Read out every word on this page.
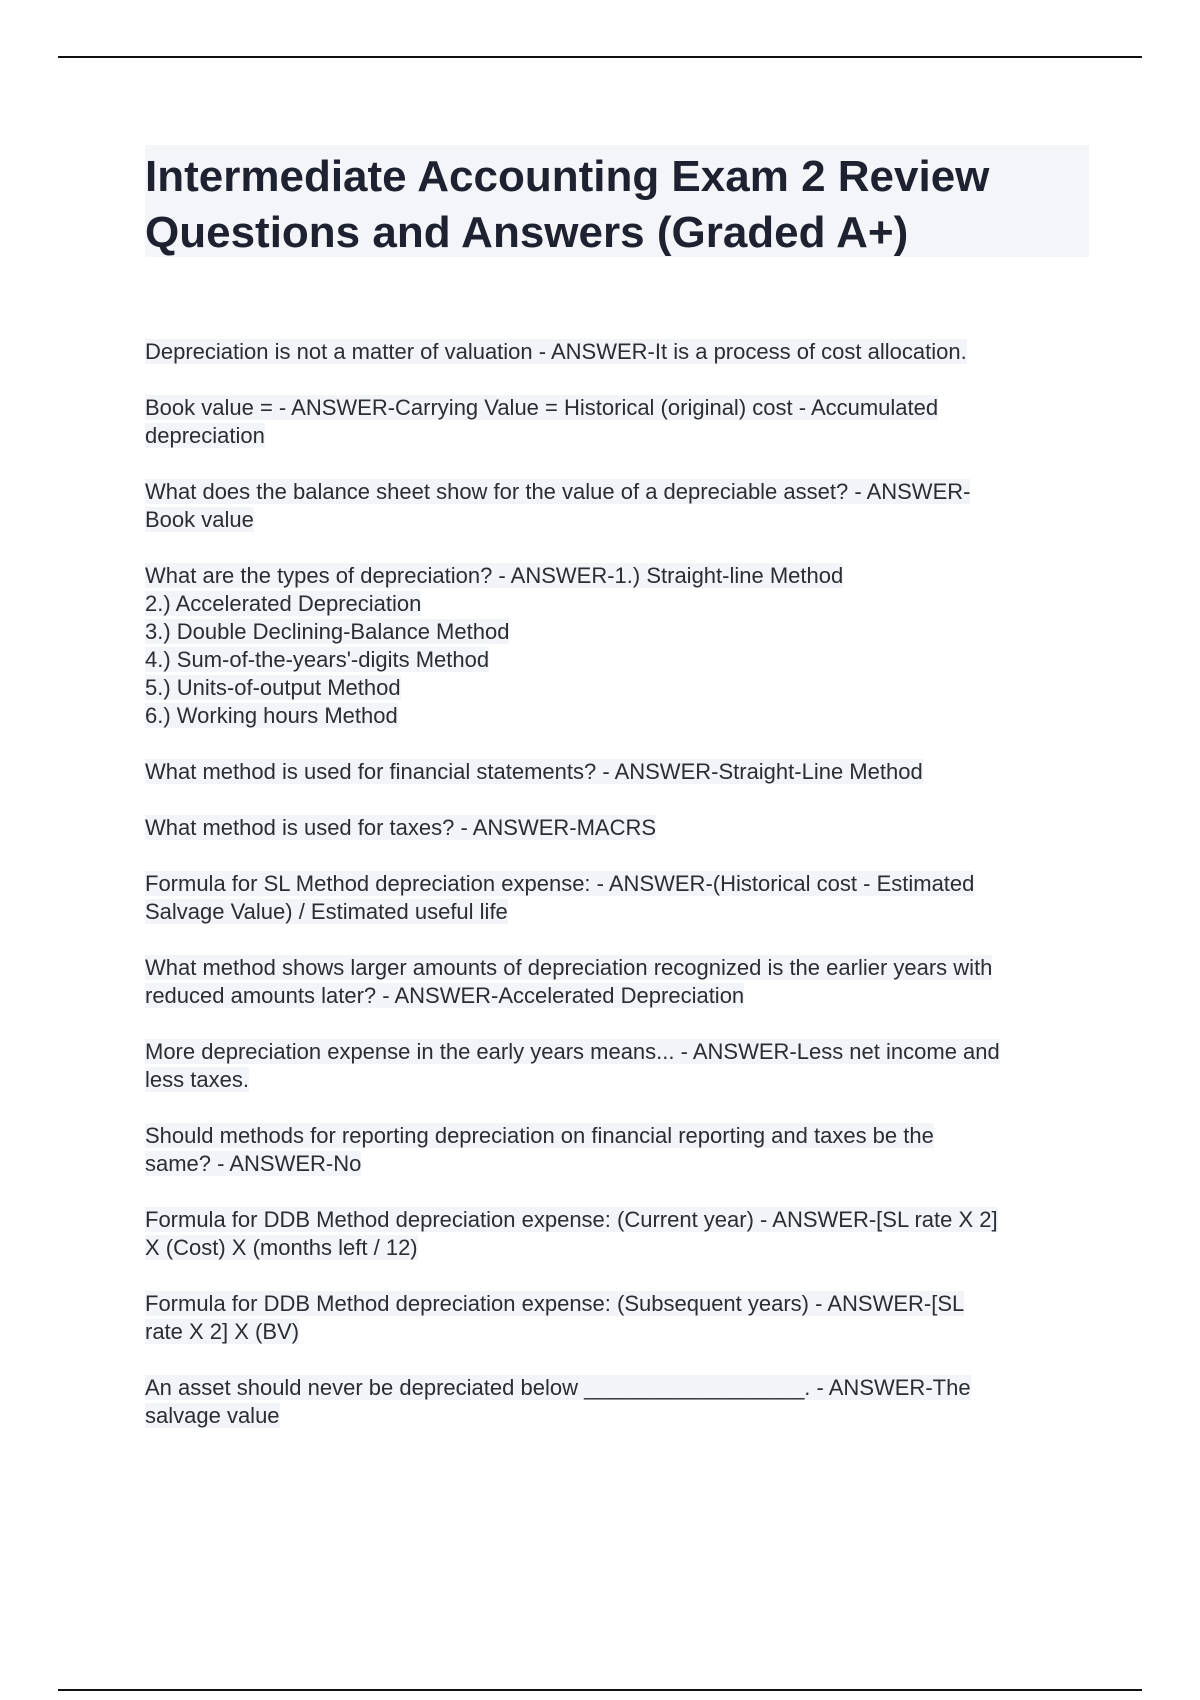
Intermediate Accounting Exam 2 Review
Questions and Answers (Graded A+)
Depreciation is not a matter of valuation - ANSWER-It is a process of cost allocation.
Book value = - ANSWER-Carrying Value = Historical (original) cost - Accumulated
depreciation
What does the balance sheet show for the value of a depreciable asset? - ANSWER-
Book value
What are the types of depreciation? - ANSWER-1.) Straight-line Method
2.) Accelerated Depreciation
3.) Double Declining-Balance Method
4.) Sum-of-the-years'-digits Method
5.) Units-of-output Method
6.) Working hours Method
What method is used for financial statements? - ANSWER-Straight-Line Method
What method is used for taxes? - ANSWER-MACRS
Formula for SL Method depreciation expense: - ANSWER-(Historical cost - Estimated
Salvage Value) / Estimated useful life
What method shows larger amounts of depreciation recognized is the earlier years with
reduced amounts later? - ANSWER-Accelerated Depreciation
More depreciation expense in the early years means... - ANSWER-Less net income and
less taxes.
Should methods for reporting depreciation on financial reporting and taxes be the
same? - ANSWER-No
Formula for DDB Method depreciation expense: (Current year) - ANSWER-[SL rate X 2]
X (Cost) X (months left / 12)
Formula for DDB Method depreciation expense: (Subsequent years) - ANSWER-[SL
rate X 2] X (BV)
An asset should never be depreciated below __________________. - ANSWER-The
salvage value
